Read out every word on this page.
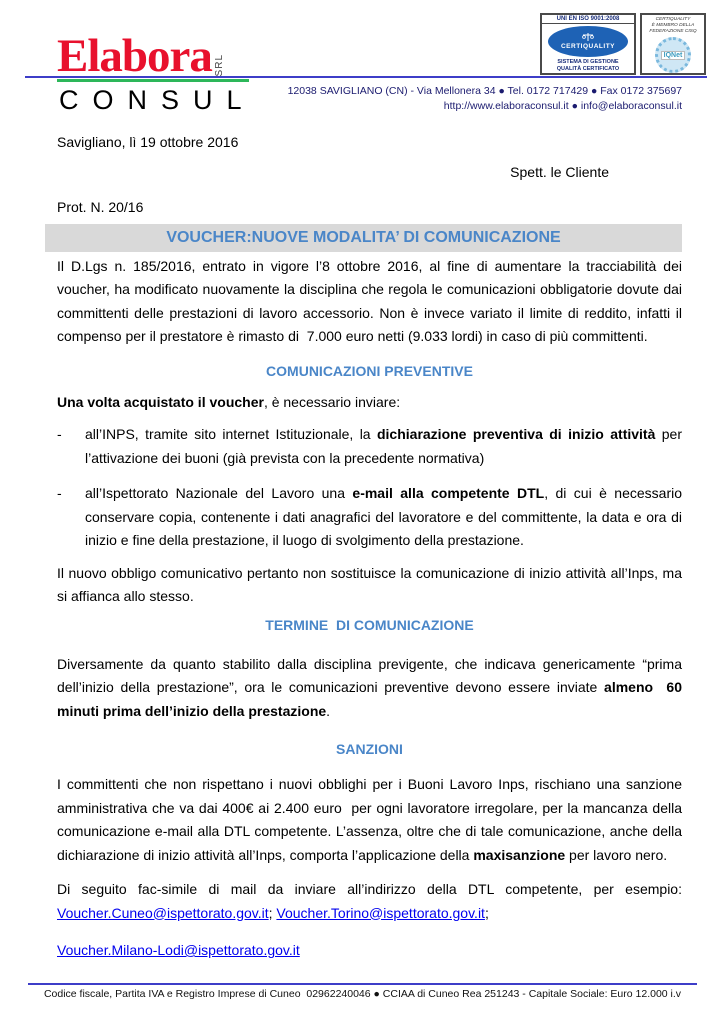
Elabora SRL
CONSUL
UNI EN ISO 9001:2008
CERTIQUALITY
SISTEMA DI GESTIONE
QUALITÀ CERTIFICATO
CERTIQUALITY
È MEMBRO DELLA
FEDERAZIONE CISQ
IQNet
12038 SAVIGLIANO (CN) - Via Mellonera 34 ● Tel. 0172 717429 ● Fax 0172 375697
http://www.elaboraconsul.it ● info@elaboraconsul.it
Savigliano, lì 19 ottobre 2016
Spett. le Cliente
Prot. N. 20/16
VOUCHER:NUOVE MODALITA’ DI COMUNICAZIONE
Il D.Lgs n. 185/2016, entrato in vigore l’8 ottobre 2016, al fine di aumentare la tracciabilità dei voucher, ha modificato nuovamente la disciplina che regola le comunicazioni obbligatorie dovute dai committenti delle prestazioni di lavoro accessorio. Non è invece variato il limite di reddito, infatti il compenso per il prestatore è rimasto di  7.000 euro netti (9.033 lordi) in caso di più committenti.
COMUNICAZIONI PREVENTIVE
Una volta acquistato il voucher, è necessario inviare:
-	all’INPS, tramite sito internet Istituzionale, la dichiarazione preventiva di inizio attività per l’attivazione dei buoni (già prevista con la precedente normativa)
-	all’Ispettorato Nazionale del Lavoro una e-mail alla competente DTL, di cui è necessario conservare copia, contenente i dati anagrafici del lavoratore e del committente, la data e ora di inizio e fine della prestazione, il luogo di svolgimento della prestazione.
Il nuovo obbligo comunicativo pertanto non sostituisce la comunicazione di inizio attività all’Inps, ma si affianca allo stesso.
TERMINE  DI COMUNICAZIONE
Diversamente da quanto stabilito dalla disciplina previgente, che indicava genericamente “prima dell’inizio della prestazione”, ora le comunicazioni preventive devono essere inviate almeno  60 minuti prima dell’inizio della prestazione.
SANZIONI
I committenti che non rispettano i nuovi obblighi per i Buoni Lavoro Inps, rischiano una sanzione amministrativa che va dai 400€ ai 2.400 euro  per ogni lavoratore irregolare, per la mancanza della comunicazione e-mail alla DTL competente. L’assenza, oltre che di tale comunicazione, anche della dichiarazione di inizio attività all’Inps, comporta l’applicazione della maxisanzione per lavoro nero.
Di seguito fac-simile di mail da inviare all’indirizzo della DTL competente, per esempio: Voucher.Cuneo@ispettorato.gov.it; Voucher.Torino@ispettorato.gov.it;
Voucher.Milano-Lodi@ispettorato.gov.it
Codice fiscale, Partita IVA e Registro Imprese di Cuneo  02962240046 ● CCIAA di Cuneo Rea 251243 - Capitale Sociale: Euro 12.000 i.v
